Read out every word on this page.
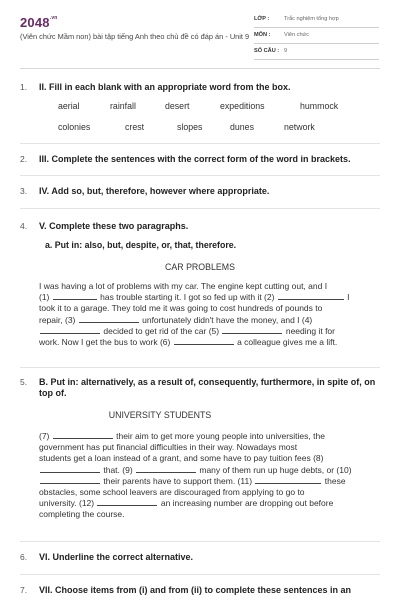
$2048^{.vn}$
(Viên chức Mầm non) bài tập tiếng Anh theo chủ đề có đáp án - Unit 9
LỚP :	Trắc nghiệm tổng hợp
MÔN : Viên chức
SỐ CÂU : 9
1. II. Fill in each blank with an appropriate word from the box.
aerial	rainfall	desert	expeditions	hummock
colonies	crest	slopes	dunes	network
2. III. Complete the sentences with the correct form of the word in brackets.
3. IV. Add so, but, therefore, however where appropriate.
4. V. Complete these two paragraphs.
a. Put in: also, but, despite, or, that, therefore.
CAR PROBLEMS
I was having a lot of problems with my car. The engine kept cutting out, and I
(1)	has trouble starting it. I got so fed up with it (2)	I
took it to a garage. They told me it was going to cost hundreds of pounds to
repair, (3)	unfortunately didn't have the money, and I (4)
decided to get rid of the car (5)	needing it for
work. Now I get the bus to work (6)	a colleague gives me a lift.
5. B. Put in: alternatively, as a result of, consequently, furthermore, in spite of, on top of.
UNIVERSITY STUDENTS
(7)	their aim to get more young people into universities, the
government has put financial difficulties in their way. Nowadays most
students get a loan instead of a grant, and some have to pay tuition fees (8)
that. (9)	many of them run up huge debts, or (10)
their parents have to support them. (11)	these
obstacles, some school leavers are discouraged from applying to go to
university. (12)	an increasing number are dropping out before
completing the course.
6. VI. Underline the correct alternative.
7. VII. Choose items from (i) and from (ii) to complete these sentences in an
